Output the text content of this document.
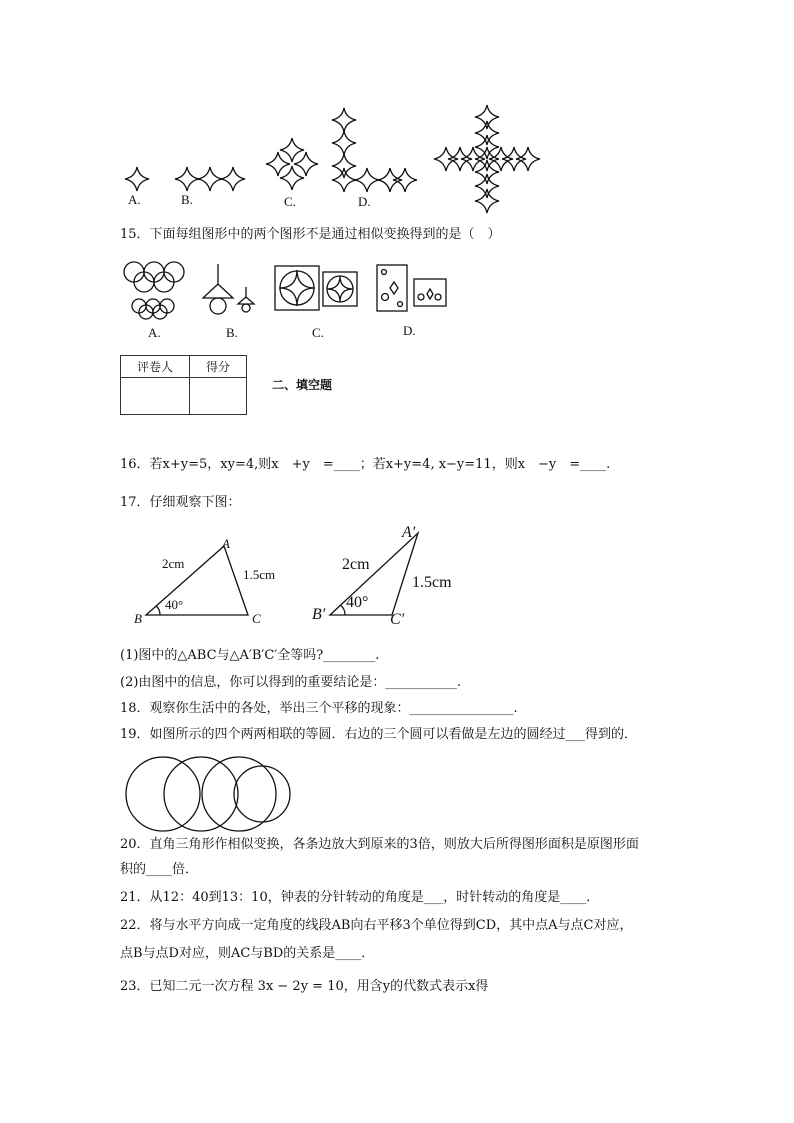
A.	B.	C.	D.
15．下面每组图形中的两个图形不是通过相似变换得到的是（　）
A.	B.	C.	D.
评卷人	得分

二、填空题
16．若x+y=5，xy=4,则x　+y　=____；若x+y=4, x−y=11，则x　−y　=____.
17．仔细观察下图：
A
B	C
2cm
1.5cm
40°
A′
B′	C′
2cm
1.5cm
40°
(1)图中的△ABC与△A′B′C′全等吗?________.
(2)由图中的信息，你可以得到的重要结论是：___________.
18．观察你生活中的各处，举出三个平移的现象：________________.
19．如图所示的四个两两相联的等圆．右边的三个圆可以看做是左边的圆经过___得到的．
20．直角三角形作相似变换，各条边放大到原来的3倍，则放大后所得图形面积是原图形面
积的____倍．
21．从12：40到13：10，钟表的分针转动的角度是___，时针转动的角度是____．
22．将与水平方向成一定角度的线段AB向右平移3个单位得到CD，其中点A与点C对应，
点B与点D对应，则AC与BD的关系是____．
23．已知二元一次方程 3x − 2y = 10，用含y的代数式表示x得
